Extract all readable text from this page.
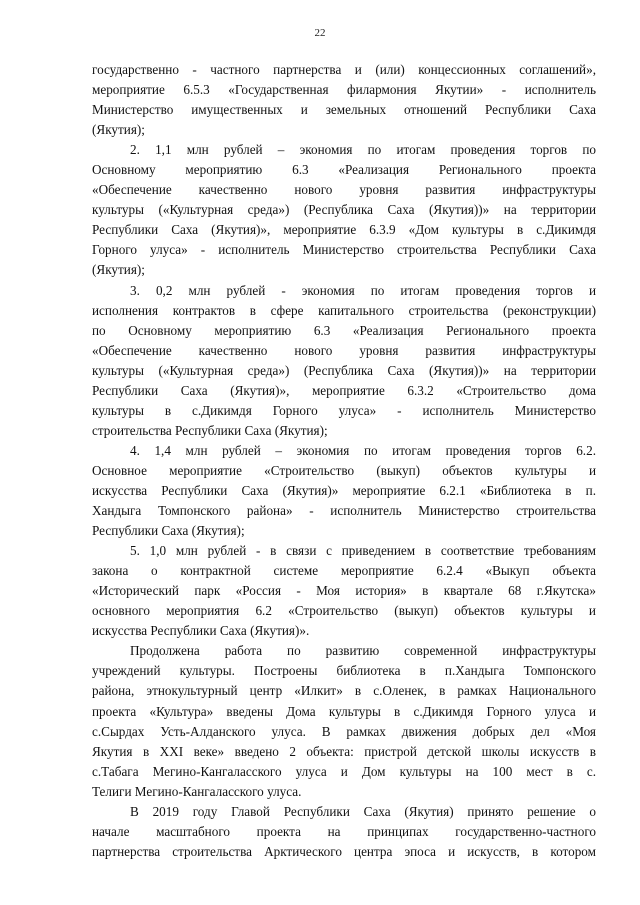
22
государственно - частного партнерства и (или) концессионных соглашений»,
мероприятие 6.5.3 «Государственная филармония Якутии» - исполнитель
Министерство имущественных и земельных отношений Республики Саха
(Якутия);
2. 1,1 млн рублей – экономия по итогам проведения торгов по
Основному мероприятию 6.3 «Реализация Регионального проекта
«Обеспечение качественно нового уровня развития инфраструктуры
культуры («Культурная среда») (Республика Саха (Якутия))» на территории
Республики Саха (Якутия)», мероприятие 6.3.9 «Дом культуры в с.Дикимдя
Горного улуса» - исполнитель Министерство строительства Республики Саха
(Якутия);
3. 0,2 млн рублей - экономия по итогам проведения торгов и
исполнения контрактов в сфере капитального строительства (реконструкции)
по Основному мероприятию 6.3 «Реализация Регионального проекта
«Обеспечение качественно нового уровня развития инфраструктуры
культуры («Культурная среда») (Республика Саха (Якутия))» на территории
Республики Саха (Якутия)», мероприятие 6.3.2 «Строительство дома
культуры в с.Дикимдя Горного улуса» - исполнитель Министерство
строительства Республики Саха (Якутия);
4. 1,4 млн рублей – экономия по итогам проведения торгов 6.2.
Основное мероприятие «Строительство (выкуп) объектов культуры и
искусства Республики Саха (Якутия)» мероприятие 6.2.1 «Библиотека в п.
Хандыга Томпонского района» - исполнитель Министерство строительства
Республики Саха (Якутия);
5. 1,0 млн рублей - в связи с приведением в соответствие требованиям
закона о контрактной системе мероприятие 6.2.4 «Выкуп объекта
«Исторический парк «Россия - Моя история» в квартале 68 г.Якутска»
основного мероприятия 6.2 «Строительство (выкуп) объектов культуры и
искусства Республики Саха (Якутия)».
Продолжена работа по развитию современной инфраструктуры
учреждений культуры. Построены библиотека в п.Хандыга Томпонского
района, этнокультурный центр «Илкит» в с.Оленек, в рамках Национального
проекта «Культура» введены Дома культуры в с.Дикимдя Горного улуса и
с.Сырдах Усть-Алданского улуса. В рамках движения добрых дел «Моя
Якутия в XXI веке» введено 2 объекта: пристрой детской школы искусств в
с.Табага Мегино-Кангаласского улуса и Дом культуры на 100 мест в с.
Телиги Мегино-Кангаласского улуса.
В 2019 году Главой Республики Саха (Якутия) принято решение о
начале масштабного проекта на принципах государственно-частного
партнерства строительства Арктического центра эпоса и искусств, в котором
